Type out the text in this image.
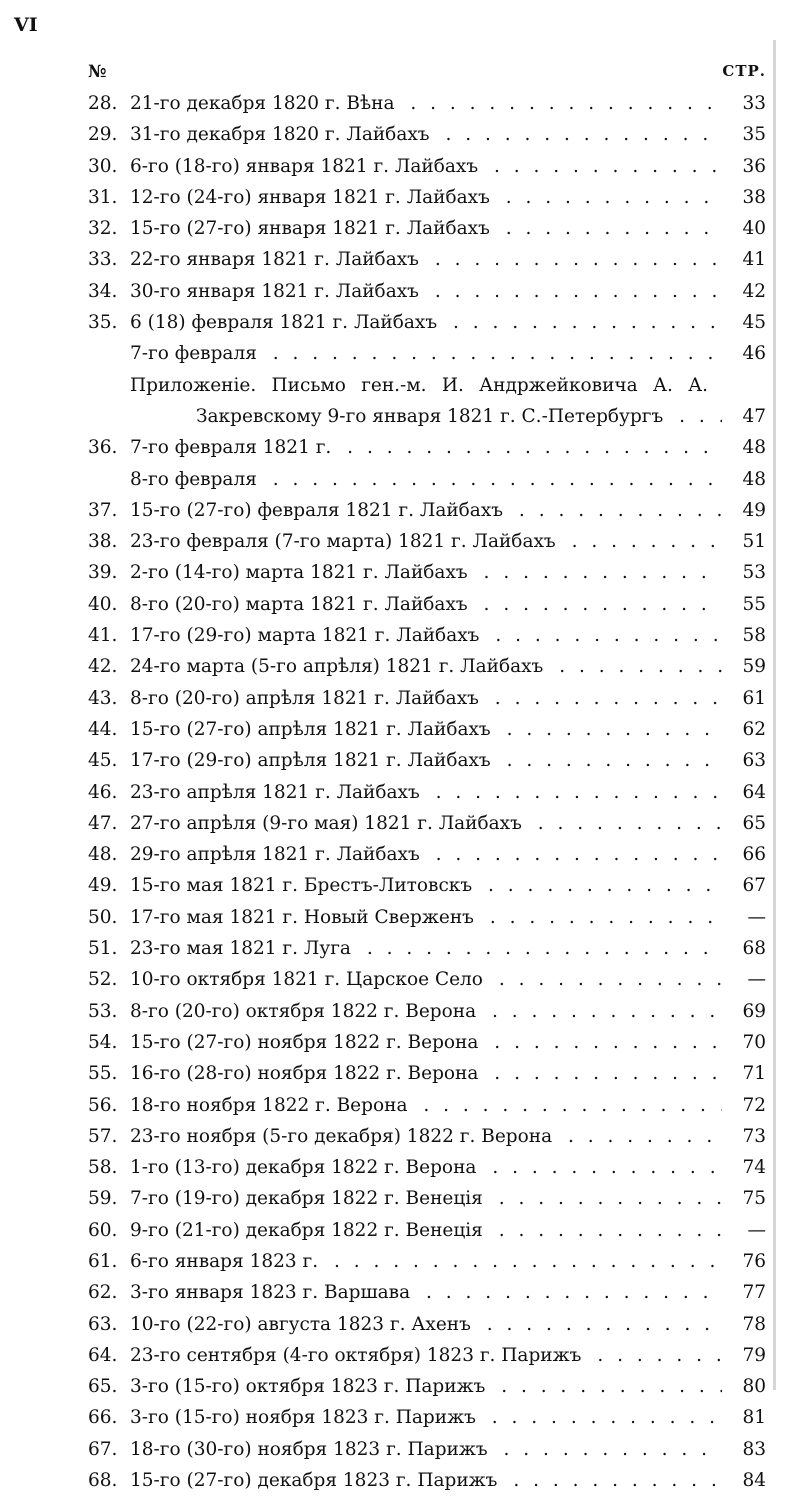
VI
№	СТР.
28. 21-го декабря 1820 г. Вѣна . . .	33
29. 31-го декабря 1820 г. Лайбахъ . . .	35
30. 6-го (18-го) января 1821 г. Лайбахъ . . .	36
31. 12-го (24-го) января 1821 г. Лайбахъ . . .	38
32. 15-го (27-го) января 1821 г. Лайбахъ . . .	40
33. 22-го января 1821 г. Лайбахъ . . .	41
34. 30-го января 1821 г. Лайбахъ . . .	42
35. 6 (18) февраля 1821 г. Лайбахъ . . .	45
7-го февраля . . .	46
Приложеніе. Письмо ген.-м. И. Андржейковича А. А.
Закревскому 9-го января 1821 г. С.-Петербургъ . . .	47
36. 7-го февраля 1821 г. . . .	48
8-го февраля . . .	48
37. 15-го (27-го) февраля 1821 г. Лайбахъ . . .	49
38. 23-го февраля (7-го марта) 1821 г. Лайбахъ . . .	51
39. 2-го (14-го) марта 1821 г. Лайбахъ . . .	53
40. 8-го (20-го) марта 1821 г. Лайбахъ . . .	55
41. 17-го (29-го) марта 1821 г. Лайбахъ . . .	58
42. 24-го марта (5-го апрѣля) 1821 г. Лайбахъ . . .	59
43. 8-го (20-го) апрѣля 1821 г. Лайбахъ . . .	61
44. 15-го (27-го) апрѣля 1821 г. Лайбахъ . . .	62
45. 17-го (29-го) апрѣля 1821 г. Лайбахъ . . .	63
46. 23-го апрѣля 1821 г. Лайбахъ . . .	64
47. 27-го апрѣля (9-го мая) 1821 г. Лайбахъ . . .	65
48. 29-го апрѣля 1821 г. Лайбахъ . . .	66
49. 15-го мая 1821 г. Брестъ-Литовскъ . . .	67
50. 17-го мая 1821 г. Новый Сверженъ . . .	—
51. 23-го мая 1821 г. Луга . . .	68
52. 10-го октября 1821 г. Царское Село . . .	—
53. 8-го (20-го) октября 1822 г. Верона . . .	69
54. 15-го (27-го) ноября 1822 г. Верона . . .	70
55. 16-го (28-го) ноября 1822 г. Верона . . .	71
56. 18-го ноября 1822 г. Верона . . .	72
57. 23-го ноября (5-го декабря) 1822 г. Верона . . .	73
58. 1-го (13-го) декабря 1822 г. Верона . . .	74
59. 7-го (19-го) декабря 1822 г. Венеція . . .	75
60. 9-го (21-го) декабря 1822 г. Венеція . . .	—
61. 6-го января 1823 г. . . .	76
62. 3-го января 1823 г. Варшава . . .	77
63. 10-го (22-го) августа 1823 г. Ахенъ . . .	78
64. 23-го сентября (4-го октября) 1823 г. Парижъ . . .	79
65. 3-го (15-го) октября 1823 г. Парижъ . . .	80
66. 3-го (15-го) ноября 1823 г. Парижъ . . .	81
67. 18-го (30-го) ноября 1823 г. Парижъ . . .	83
68. 15-го (27-го) декабря 1823 г. Парижъ . . .	84
